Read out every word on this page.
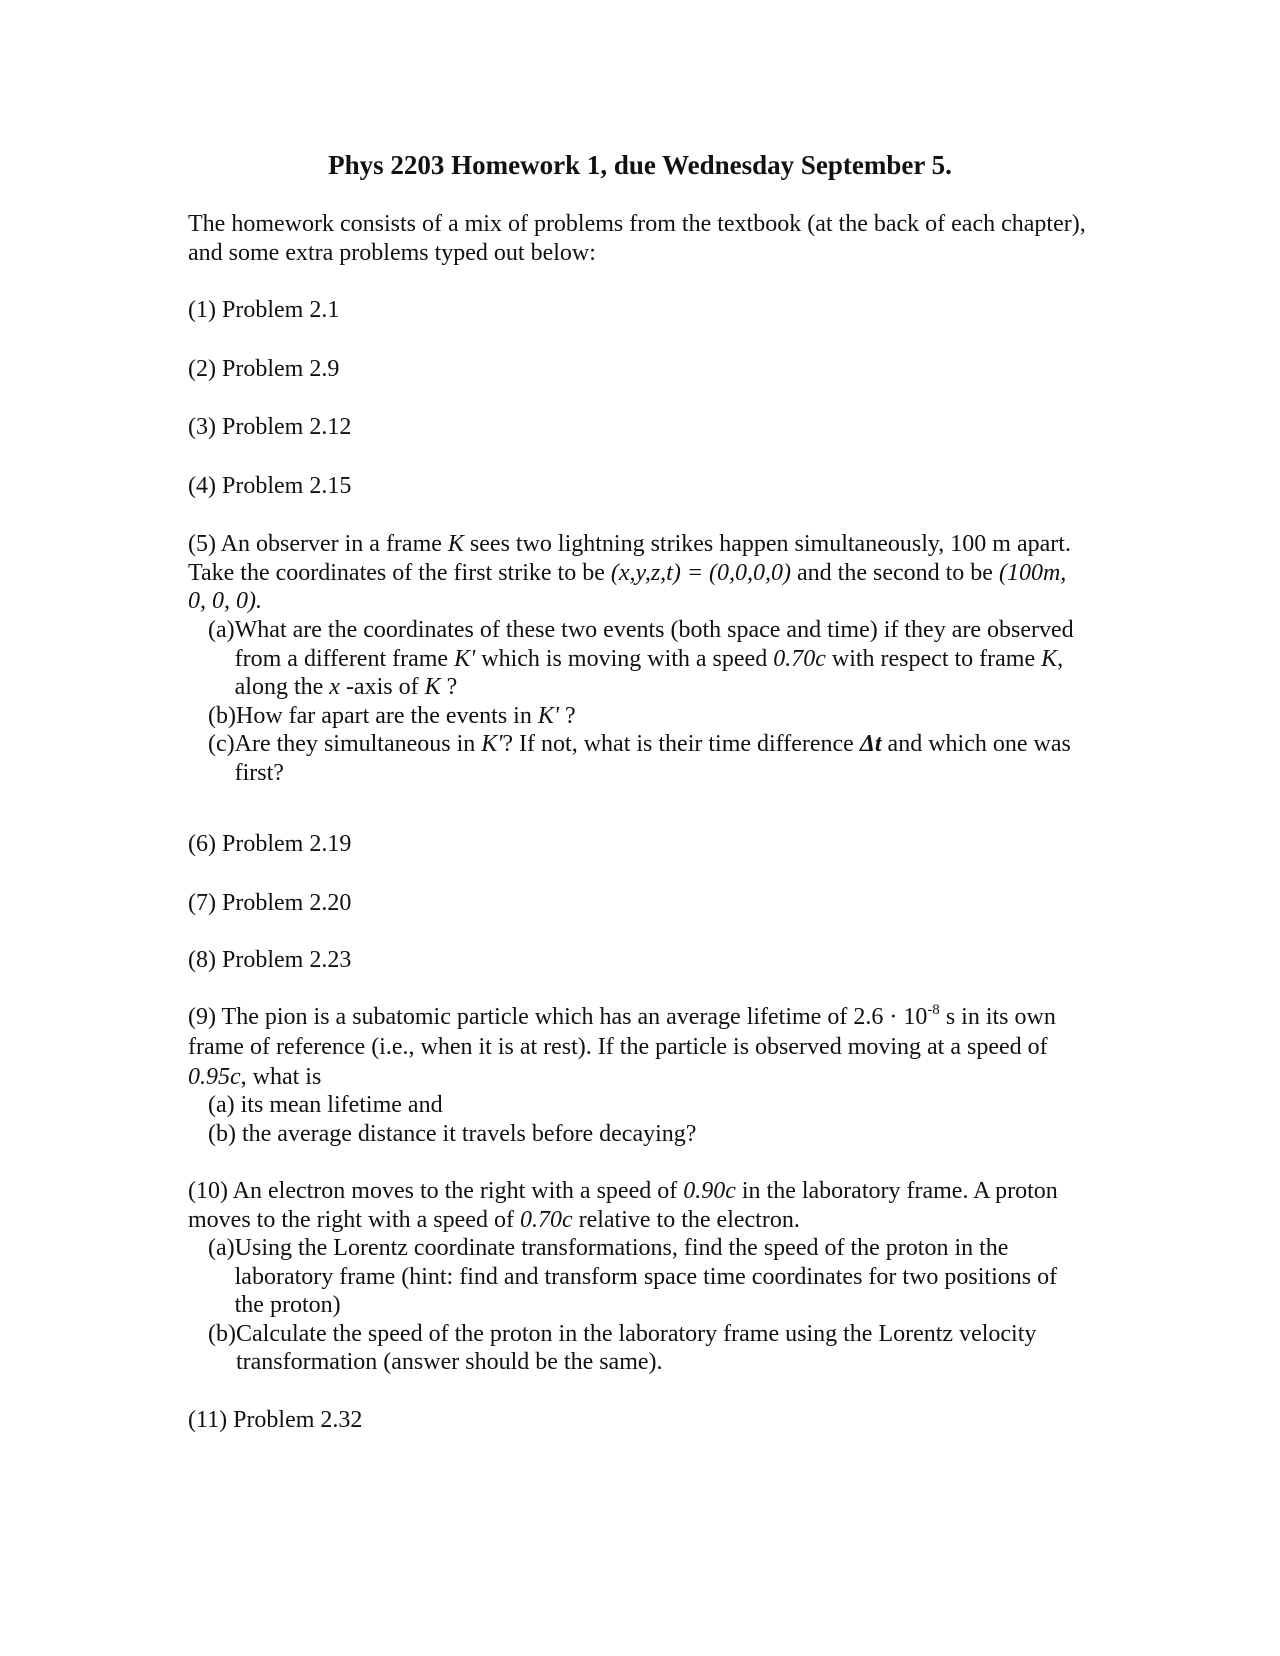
Phys 2203 Homework 1, due Wednesday September 5.
The homework consists of a mix of problems from the textbook (at the back of each chapter), and some extra problems typed out below:
(1) Problem 2.1
(2) Problem 2.9
(3) Problem 2.12
(4) Problem 2.15
(5) An observer in a frame K sees two lightning strikes happen simultaneously, 100 m apart. Take the coordinates of the first strike to be (x,y,z,t) = (0,0,0,0) and the second to be (100m, 0, 0, 0).
(a) What are the coordinates of these two events (both space and time) if they are observed from a different frame K' which is moving with a speed 0.70c with respect to frame K, along the x -axis of K ?
(b) How far apart are the events in K' ?
(c) Are they simultaneous in K'? If not, what is their time difference Δt and which one was first?
(6) Problem 2.19
(7) Problem 2.20
(8) Problem 2.23
(9) The pion is a subatomic particle which has an average lifetime of $2.6 \cdot 10^{-8}$ s in its own frame of reference (i.e., when it is at rest). If the particle is observed moving at a speed of 0.95c, what is
(a) its mean lifetime and
(b) the average distance it travels before decaying?
(10) An electron moves to the right with a speed of 0.90c in the laboratory frame. A proton moves to the right with a speed of 0.70c relative to the electron.
(a) Using the Lorentz coordinate transformations, find the speed of the proton in the laboratory frame (hint: find and transform space time coordinates for two positions of the proton)
(b) Calculate the speed of the proton in the laboratory frame using the Lorentz velocity transformation (answer should be the same).
(11) Problem 2.32
